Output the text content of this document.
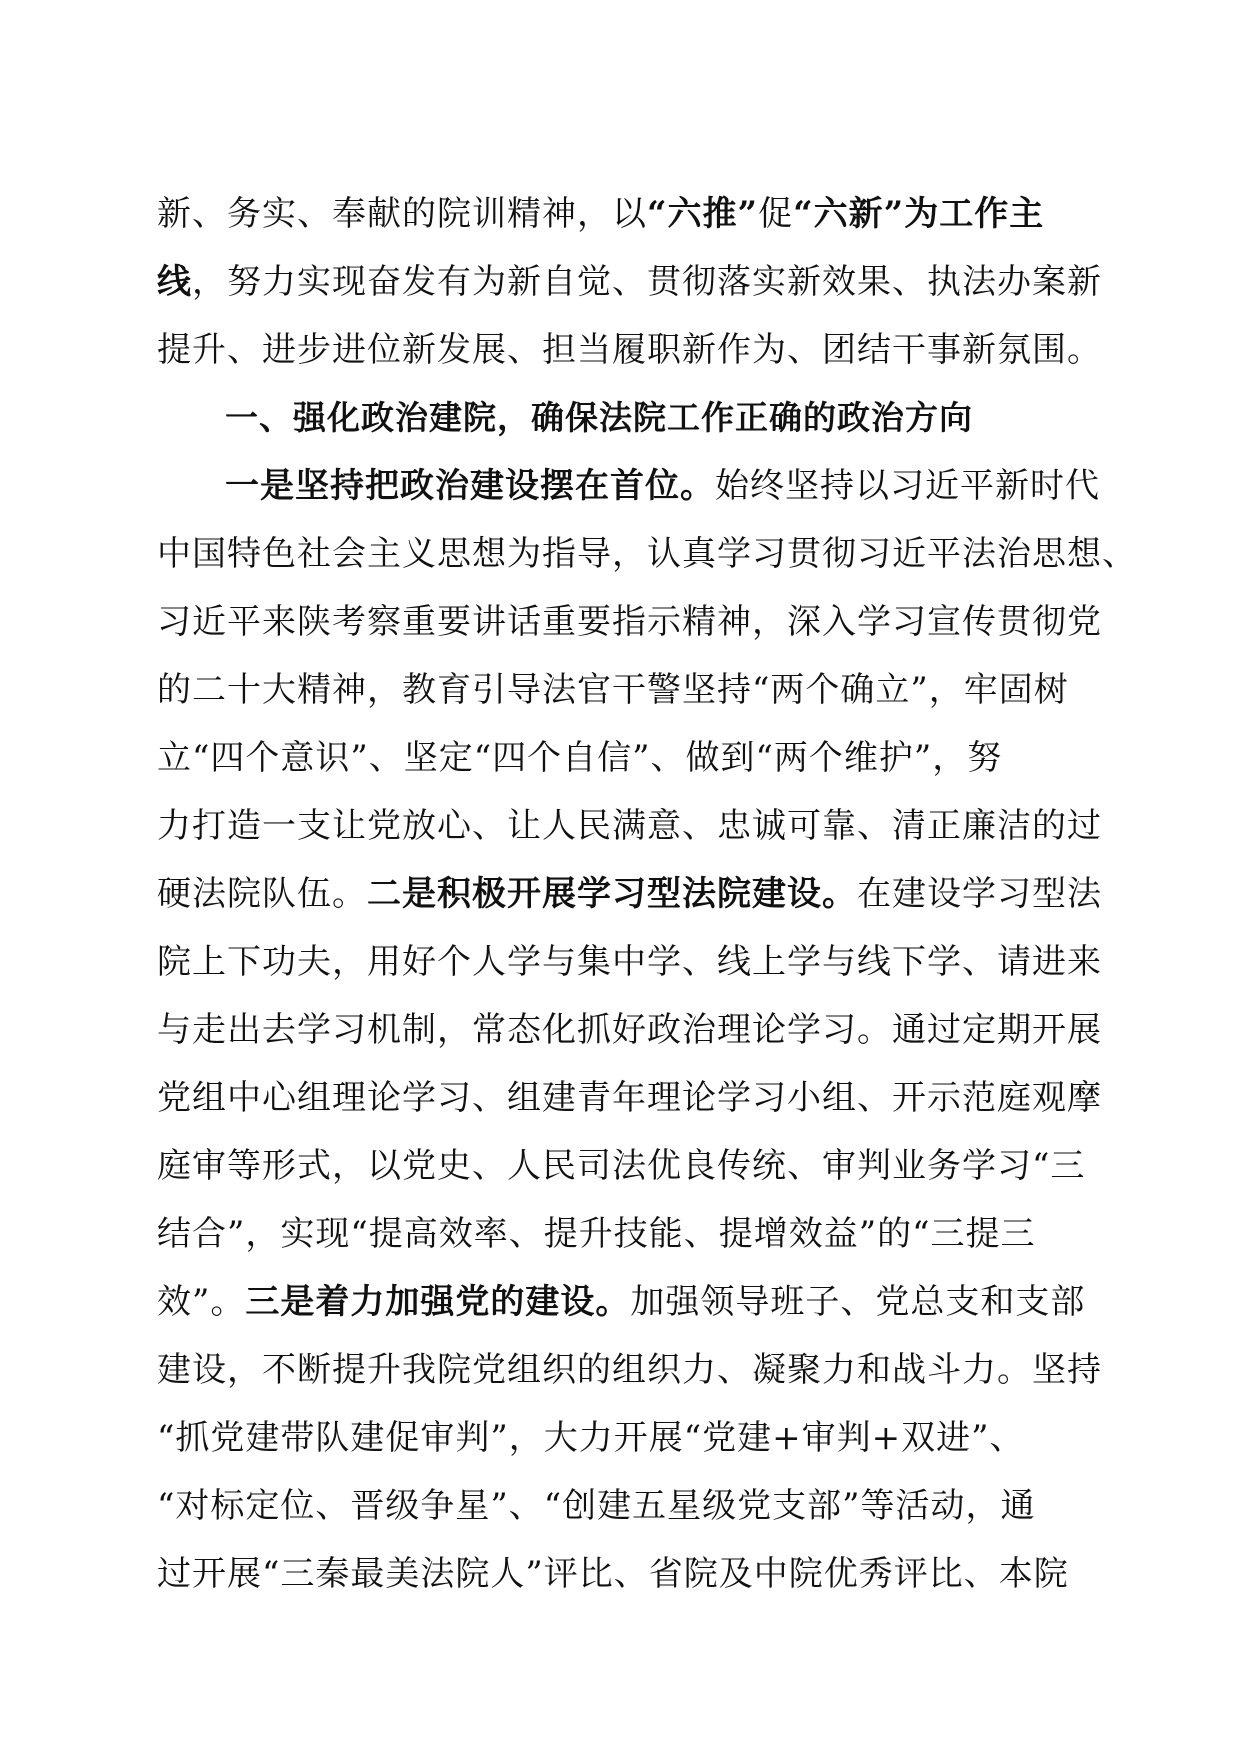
新、务实、奉献的院训精神，以“六推”促“六新”为工作主
线，努力实现奋发有为新自觉、贯彻落实新效果、执法办案新
提升、进步进位新发展、担当履职新作为、团结干事新氛围。
一、强化政治建院，确保法院工作正确的政治方向
一是坚持把政治建设摆在首位。始终坚持以习近平新时代
中国特色社会主义思想为指导，认真学习贯彻习近平法治思想、
习近平来陕考察重要讲话重要指示精神，深入学习宣传贯彻党
的二十大精神，教育引导法官干警坚持“两个确立”，牢固树
立“四个意识”、坚定“四个自信”、做到“两个维护”，努
力打造一支让党放心、让人民满意、忠诚可靠、清正廉洁的过
硬法院队伍。二是积极开展学习型法院建设。在建设学习型法
院上下功夫，用好个人学与集中学、线上学与线下学、请进来
与走出去学习机制，常态化抓好政治理论学习。通过定期开展
党组中心组理论学习、组建青年理论学习小组、开示范庭观摩
庭审等形式，以党史、人民司法优良传统、审判业务学习“三
结合”，实现“提高效率、提升技能、提增效益”的“三提三
效”。三是着力加强党的建设。加强领导班子、党总支和支部
建设，不断提升我院党组织的组织力、凝聚力和战斗力。坚持
“抓党建带队建促审判”，大力开展“党建+审判+双进”、
“对标定位、晋级争星”、“创建五星级党支部”等活动，通
过开展“三秦最美法院人”评比、省院及中院优秀评比、本院
